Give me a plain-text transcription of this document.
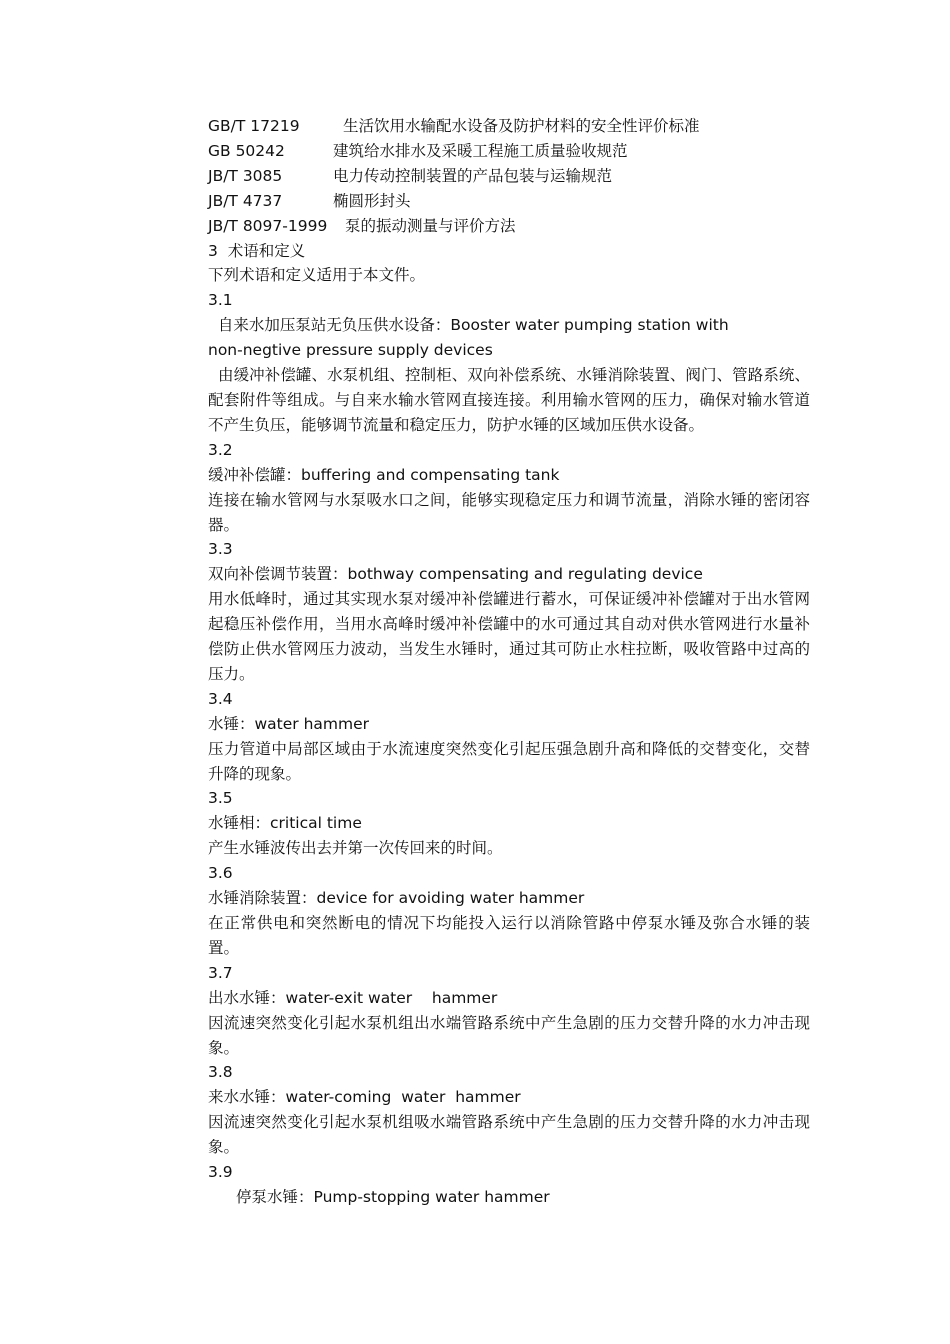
GB/T 17219	生活饮用水输配水设备及防护材料的安全性评价标准
GB 50242	建筑给水排水及采暖工程施工质量验收规范
JB/T 3085	电力传动控制装置的产品包装与运输规范
JB/T 4737	椭圆形封头
JB/T 8097-1999	泵的振动测量与评价方法
3  术语和定义
下列术语和定义适用于本文件。
3.1
自来水加压泵站无负压供水设备：Booster water pumping station with
non-negtive pressure supply devices
由缓冲补偿罐、水泵机组、控制柜、双向补偿系统、水锤消除装置、阀门、管路系统、配套附件等组成。与自来水输水管网直接连接。利用输水管网的压力，确保对输水管道不产生负压，能够调节流量和稳定压力，防护水锤的区域加压供水设备。
3.2
缓冲补偿罐：buffering and compensating tank
连接在输水管网与水泵吸水口之间，能够实现稳定压力和调节流量，消除水锤的密闭容器。
3.3
双向补偿调节装置：bothway compensating and regulating device
用水低峰时，通过其实现水泵对缓冲补偿罐进行蓄水，可保证缓冲补偿罐对于出水管网起稳压补偿作用，当用水高峰时缓冲补偿罐中的水可通过其自动对供水管网进行水量补偿防止供水管网压力波动，当发生水锤时，通过其可防止水柱拉断，吸收管路中过高的压力。
3.4
水锤：water hammer
压力管道中局部区域由于水流速度突然变化引起压强急剧升高和降低的交替变化，交替升降的现象。
3.5
水锤相：critical time
产生水锤波传出去并第一次传回来的时间。
3.6
水锤消除装置：device for avoiding water hammer
在正常供电和突然断电的情况下均能投入运行以消除管路中停泵水锤及弥合水锤的装置。
3.7
出水水锤：water-exit water    hammer
因流速突然变化引起水泵机组出水端管路系统中产生急剧的压力交替升降的水力冲击现象。
3.8
来水水锤：water-coming  water  hammer
因流速突然变化引起水泵机组吸水端管路系统中产生急剧的压力交替升降的水力冲击现象。
3.9
停泵水锤：Pump-stopping water hammer
